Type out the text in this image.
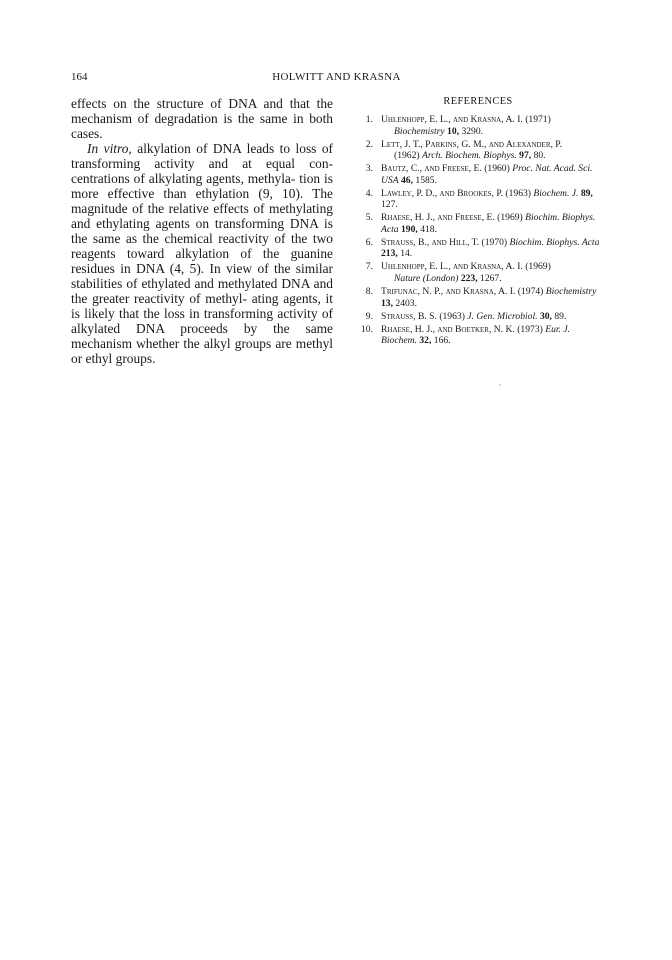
164	HOLWITT AND KRASNA

effects on the structure of DNA and that the mechanism of degradation is the same in both cases.

In vitro, alkylation of DNA leads to loss of transforming activity and at equal con- centrations of alkylating agents, methyla- tion is more effective than ethylation (9, 10). The magnitude of the relative effects of methylating and ethylating agents on transforming DNA is the same as the chemical reactivity of the two reagents toward alkylation of the guanine residues in DNA (4, 5). In view of the similar stabilities of ethylated and methylated DNA and the greater reactivity of methyl- ating agents, it is likely that the loss in transforming activity of alkylated DNA proceeds by the same mechanism whether the alkyl groups are methyl or ethyl groups.

REFERENCES
1. Uhlenhopp, E. L., and Krasna, A. I. (1971)
Biochemistry 10, 3290.
2. Lett, J. T., Parkins, G. M., and Alexander, P.
(1962) Arch. Biochem. Biophys. 97, 80.
3. Bautz, C., and Freese, E. (1960) Proc. Nat. Acad. Sci. USA 46, 1585.
4. Lawley, P. D., and Brookes, P. (1963) Biochem. J. 89, 127.
5. Rhaese, H. J., and Freese, E. (1969) Biochim. Biophys. Acta 190, 418.
6. Strauss, B., and Hill, T. (1970) Biochim. Biophys. Acta 213, 14.
7. Uhlenhopp, E. L., and Krasna, A. I. (1969)
Nature (London) 223, 1267.
8. Trifunac, N. P., and Krasna, A. I. (1974) Biochemistry 13, 2403.
9. Strauss, B. S. (1963) J. Gen. Microbiol. 30, 89.
10. Rhaese, H. J., and Boetker, N. K. (1973) Eur. J. Biochem. 32, 166.
